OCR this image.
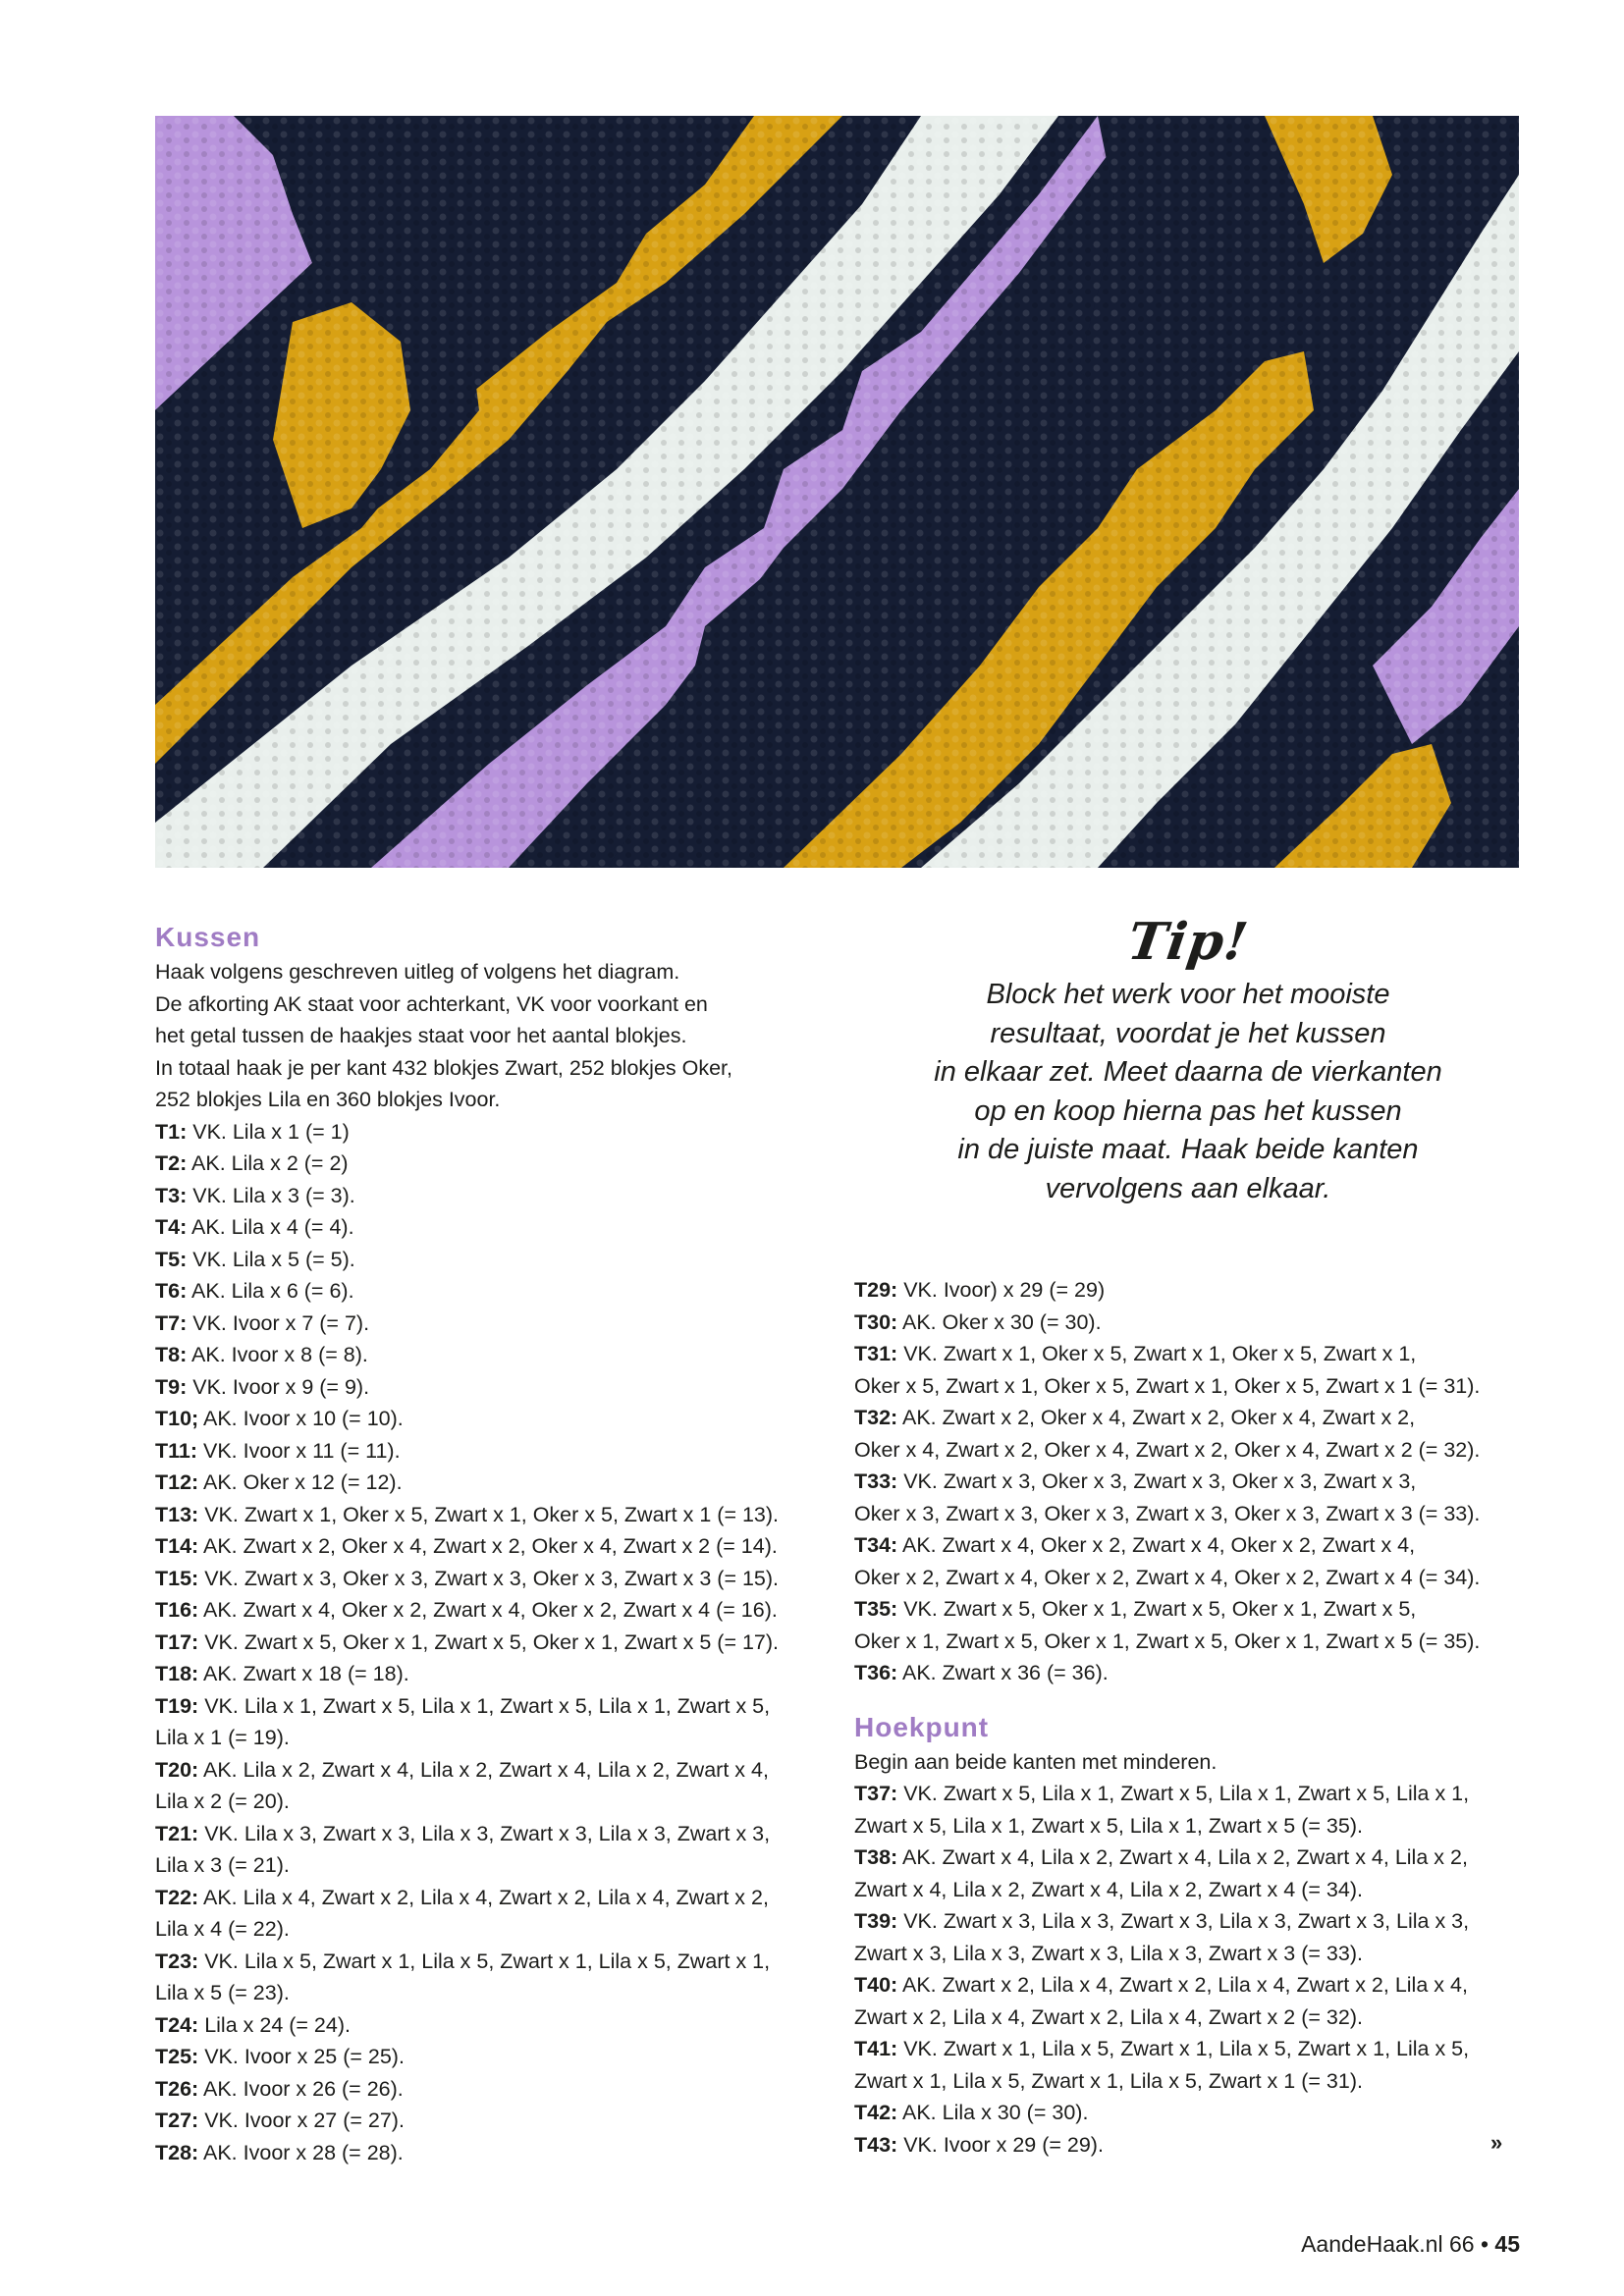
Kussen

Haak volgens geschreven uitleg of volgens het diagram.

De afkorting AK staat voor achterkant, VK voor voorkant en

het getal tussen de haakjes staat voor het aantal blokjes.

In totaal haak je per kant 432 blokjes Zwart, 252 blokjes Oker,

252 blokjes Lila en 360 blokjes Ivoor.

T1: VK. Lila x 1 (= 1)

T2: AK. Lila x 2 (= 2)

T3: VK. Lila x 3 (= 3).

T4: AK. Lila x 4 (= 4).

T5: VK. Lila x 5 (= 5).

T6: AK. Lila x 6 (= 6).

T7: VK. Ivoor x 7 (= 7).

T8: AK. Ivoor x 8 (= 8).

T9: VK. Ivoor x 9 (= 9).

T10; AK. Ivoor x 10 (= 10).

T11: VK. Ivoor x 11 (= 11).

T12: AK. Oker x 12 (= 12).

T13: VK. Zwart x 1, Oker x 5, Zwart x 1, Oker x 5, Zwart x 1 (= 13).

T14: AK. Zwart x 2, Oker x 4, Zwart x 2, Oker x 4, Zwart x 2 (= 14).

T15: VK. Zwart x 3, Oker x 3, Zwart x 3, Oker x 3, Zwart x 3 (= 15).

T16: AK. Zwart x 4, Oker x 2, Zwart x 4, Oker x 2, Zwart x 4 (= 16).

T17: VK. Zwart x 5, Oker x 1, Zwart x 5, Oker x 1, Zwart x 5 (= 17).

T18: AK. Zwart x 18 (= 18).

T19: VK. Lila x 1, Zwart x 5, Lila x 1, Zwart x 5, Lila x 1, Zwart x 5,

Lila x 1 (= 19).

T20: AK. Lila x 2, Zwart x 4, Lila x 2, Zwart x 4, Lila x 2, Zwart x 4,

Lila x 2 (= 20).

T21: VK. Lila x 3, Zwart x 3, Lila x 3, Zwart x 3, Lila x 3, Zwart x 3,

Lila x 3 (= 21).

T22: AK. Lila x 4, Zwart x 2, Lila x 4, Zwart x 2, Lila x 4, Zwart x 2,

Lila x 4 (= 22).

T23: VK. Lila x 5, Zwart x 1, Lila x 5, Zwart x 1, Lila x 5, Zwart x 1,

Lila x 5 (= 23).

T24: Lila x 24 (= 24).

T25: VK. Ivoor x 25 (= 25).

T26: AK. Ivoor x 26 (= 26).

T27: VK. Ivoor x 27 (= 27).

T28: AK. Ivoor x 28 (= 28).

Tip!
Block het werk voor het mooiste
resultaat, voordat je het kussen
in elkaar zet. Meet daarna de vierkanten
op en koop hierna pas het kussen
in de juiste maat. Haak beide kanten
vervolgens aan elkaar.

T29: VK. Ivoor) x 29 (= 29)

T30: AK. Oker x 30 (= 30).

T31: VK. Zwart x 1, Oker x 5, Zwart x 1, Oker x 5, Zwart x 1,

Oker x 5, Zwart x 1, Oker x 5, Zwart x 1, Oker x 5, Zwart x 1 (= 31).

T32: AK. Zwart x 2, Oker x 4, Zwart x 2, Oker x 4, Zwart x 2,

Oker x 4, Zwart x 2, Oker x 4, Zwart x 2, Oker x 4, Zwart x 2 (= 32).

T33: VK. Zwart x 3, Oker x 3, Zwart x 3, Oker x 3, Zwart x 3,

Oker x 3, Zwart x 3, Oker x 3, Zwart x 3, Oker x 3, Zwart x 3 (= 33).

T34: AK. Zwart x 4, Oker x 2, Zwart x 4, Oker x 2, Zwart x 4,

Oker x 2, Zwart x 4, Oker x 2, Zwart x 4, Oker x 2, Zwart x 4 (= 34).

T35: VK. Zwart x 5, Oker x 1, Zwart x 5, Oker x 1, Zwart x 5,

Oker x 1, Zwart x 5, Oker x 1, Zwart x 5, Oker x 1, Zwart x 5 (= 35).

T36: AK. Zwart x 36 (= 36).

Hoekpunt

Begin aan beide kanten met minderen.

T37: VK. Zwart x 5, Lila x 1, Zwart x 5, Lila x 1, Zwart x 5, Lila x 1,

Zwart x 5, Lila x 1, Zwart x 5, Lila x 1, Zwart x 5 (= 35).

T38: AK. Zwart x 4, Lila x 2, Zwart x 4, Lila x 2, Zwart x 4, Lila x 2,

Zwart x 4, Lila x 2, Zwart x 4, Lila x 2, Zwart x 4 (= 34).

T39: VK. Zwart x 3, Lila x 3, Zwart x 3, Lila x 3, Zwart x 3, Lila x 3,

Zwart x 3, Lila x 3, Zwart x 3, Lila x 3, Zwart x 3 (= 33).

T40: AK. Zwart x 2, Lila x 4, Zwart x 2, Lila x 4, Zwart x 2, Lila x 4,

Zwart x 2, Lila x 4, Zwart x 2, Lila x 4, Zwart x 2 (= 32).

T41: VK. Zwart x 1, Lila x 5, Zwart x 1, Lila x 5, Zwart x 1, Lila x 5,

Zwart x 1, Lila x 5, Zwart x 1, Lila x 5, Zwart x 1 (= 31).

T42: AK. Lila x 30 (= 30).

T43: VK. Ivoor x 29 (= 29).	»
AandeHaak.nl 66 • 45
